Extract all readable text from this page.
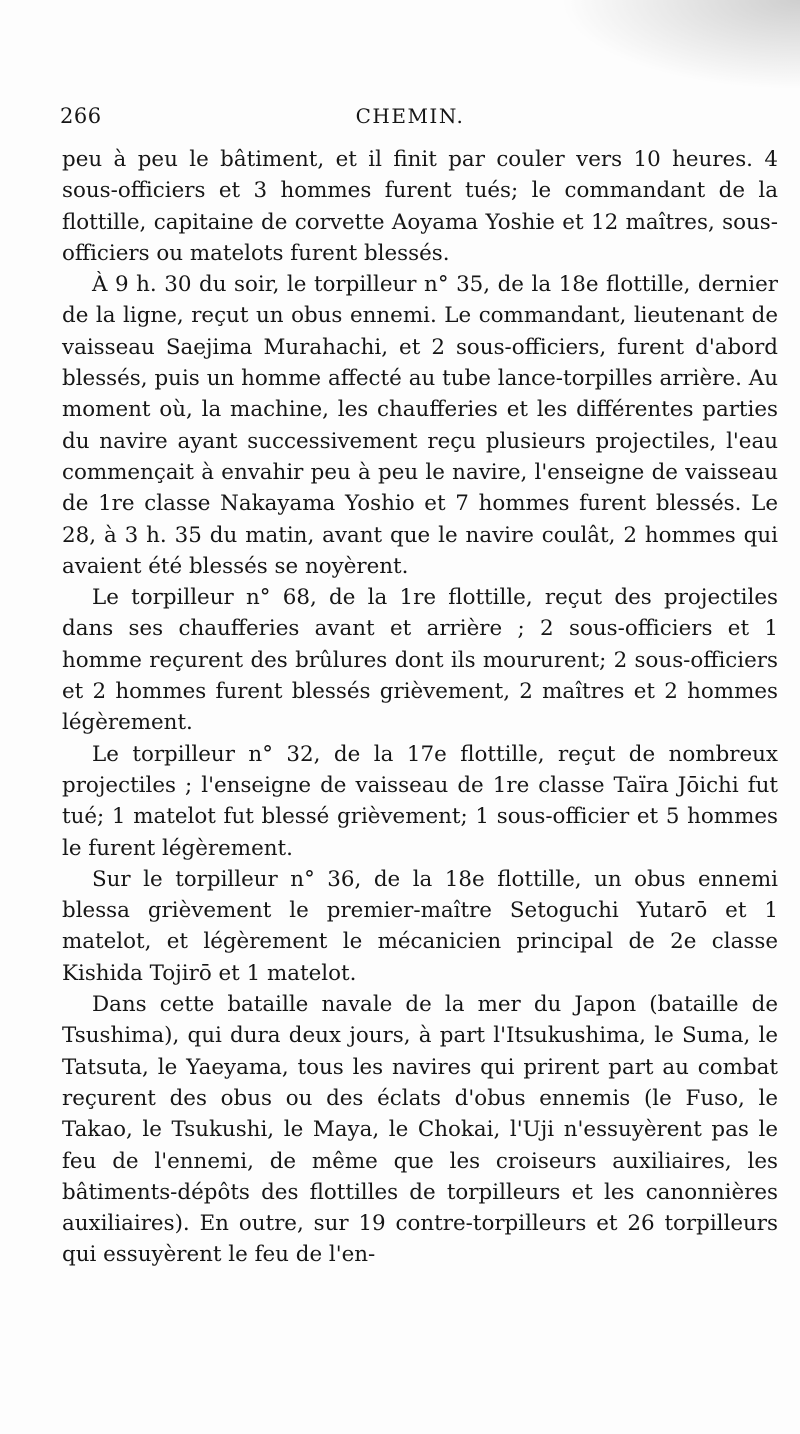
266	CHEMIN.

peu à peu le bâtiment, et il finit par couler vers 10 heures. 4 sous-officiers et 3 hommes furent tués; le commandant de la flottille, capitaine de corvette Aoyama Yoshie et 12 maîtres, sous-officiers ou matelots furent blessés.

À 9 h. 30 du soir, le torpilleur n° 35, de la 18e flottille, dernier de la ligne, reçut un obus ennemi. Le commandant, lieutenant de vaisseau Saejima Murahachi, et 2 sous-officiers, furent d'abord blessés, puis un homme affecté au tube lance-torpilles arrière. Au moment où, la machine, les chaufferies et les différentes parties du navire ayant successivement reçu plusieurs projectiles, l'eau commençait à envahir peu à peu le navire, l'enseigne de vaisseau de 1re classe Nakayama Yoshio et 7 hommes furent blessés. Le 28, à 3 h. 35 du matin, avant que le navire coulât, 2 hommes qui avaient été blessés se noyèrent.

Le torpilleur n° 68, de la 1re flottille, reçut des projectiles dans ses chaufferies avant et arrière ; 2 sous-officiers et 1 homme reçurent des brûlures dont ils moururent; 2 sous-officiers et 2 hommes furent blessés grièvement, 2 maîtres et 2 hommes légèrement.

Le torpilleur n° 32, de la 17e flottille, reçut de nombreux projectiles ; l'enseigne de vaisseau de 1re classe Taïra Jōichi fut tué; 1 matelot fut blessé grièvement; 1 sous-officier et 5 hommes le furent légèrement.

Sur le torpilleur n° 36, de la 18e flottille, un obus ennemi blessa grièvement le premier-maître Setoguchi Yutarō et 1 matelot, et légèrement le mécanicien principal de 2e classe Kishida Tojirō et 1 matelot.

Dans cette bataille navale de la mer du Japon (bataille de Tsushima), qui dura deux jours, à part l'Itsukushima, le Suma, le Tatsuta, le Yaeyama, tous les navires qui prirent part au combat reçurent des obus ou des éclats d'obus ennemis (le Fuso, le Takao, le Tsukushi, le Maya, le Chokai, l'Uji n'essuyèrent pas le feu de l'ennemi, de même que les croiseurs auxiliaires, les bâtiments-dépôts des flottilles de torpilleurs et les canonnières auxiliaires). En outre, sur 19 contre-torpilleurs et 26 torpilleurs qui essuyèrent le feu de l'en-
